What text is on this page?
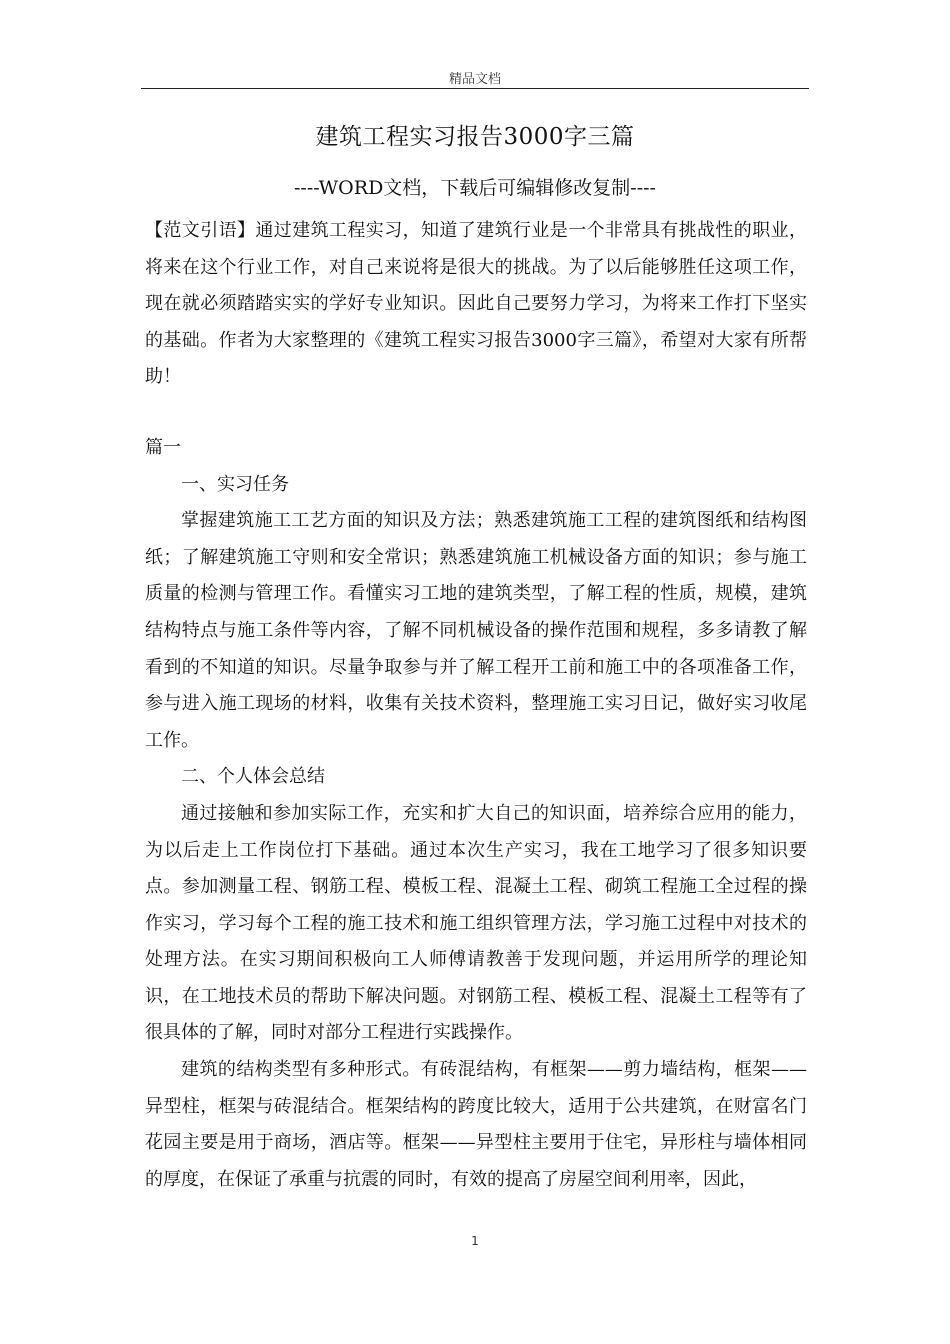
精品文档
建筑工程实习报告3000字三篇
----WORD文档，下载后可编辑修改复制----

【范文引语】通过建筑工程实习，知道了建筑行业是一个非常具有挑战性的职业，将来在这个行业工作，对自己来说将是很大的挑战。为了以后能够胜任这项工作，现在就必须踏踏实实的学好专业知识。因此自己要努力学习，为将来工作打下坚实的基础。作者为大家整理的《建筑工程实习报告3000字三篇》，希望对大家有所帮助！

篇一

一、实习任务

掌握建筑施工工艺方面的知识及方法；熟悉建筑施工工程的建筑图纸和结构图纸；了解建筑施工守则和安全常识；熟悉建筑施工机械设备方面的知识；参与施工质量的检测与管理工作。看懂实习工地的建筑类型，了解工程的性质，规模，建筑结构特点与施工条件等内容，了解不同机械设备的操作范围和规程，多多请教了解看到的不知道的知识。尽量争取参与并了解工程开工前和施工中的各项准备工作，参与进入施工现场的材料，收集有关技术资料，整理施工实习日记，做好实习收尾工作。

二、个人体会总结

通过接触和参加实际工作，充实和扩大自己的知识面，培养综合应用的能力，为以后走上工作岗位打下基础。通过本次生产实习，我在工地学习了很多知识要点。参加测量工程、钢筋工程、模板工程、混凝土工程、砌筑工程施工全过程的操作实习，学习每个工程的施工技术和施工组织管理方法，学习施工过程中对技术的处理方法。在实习期间积极向工人师傅请教善于发现问题，并运用所学的理论知识，在工地技术员的帮助下解决问题。对钢筋工程、模板工程、混凝土工程等有了很具体的了解，同时对部分工程进行实践操作。

建筑的结构类型有多种形式。有砖混结构，有框架——剪力墙结构，框架——异型柱，框架与砖混结合。框架结构的跨度比较大，适用于公共建筑，在财富名门花园主要是用于商场，酒店等。框架——异型柱主要用于住宅，异形柱与墙体相同的厚度，在保证了承重与抗震的同时，有效的提高了房屋空间利用率，因此，

1
